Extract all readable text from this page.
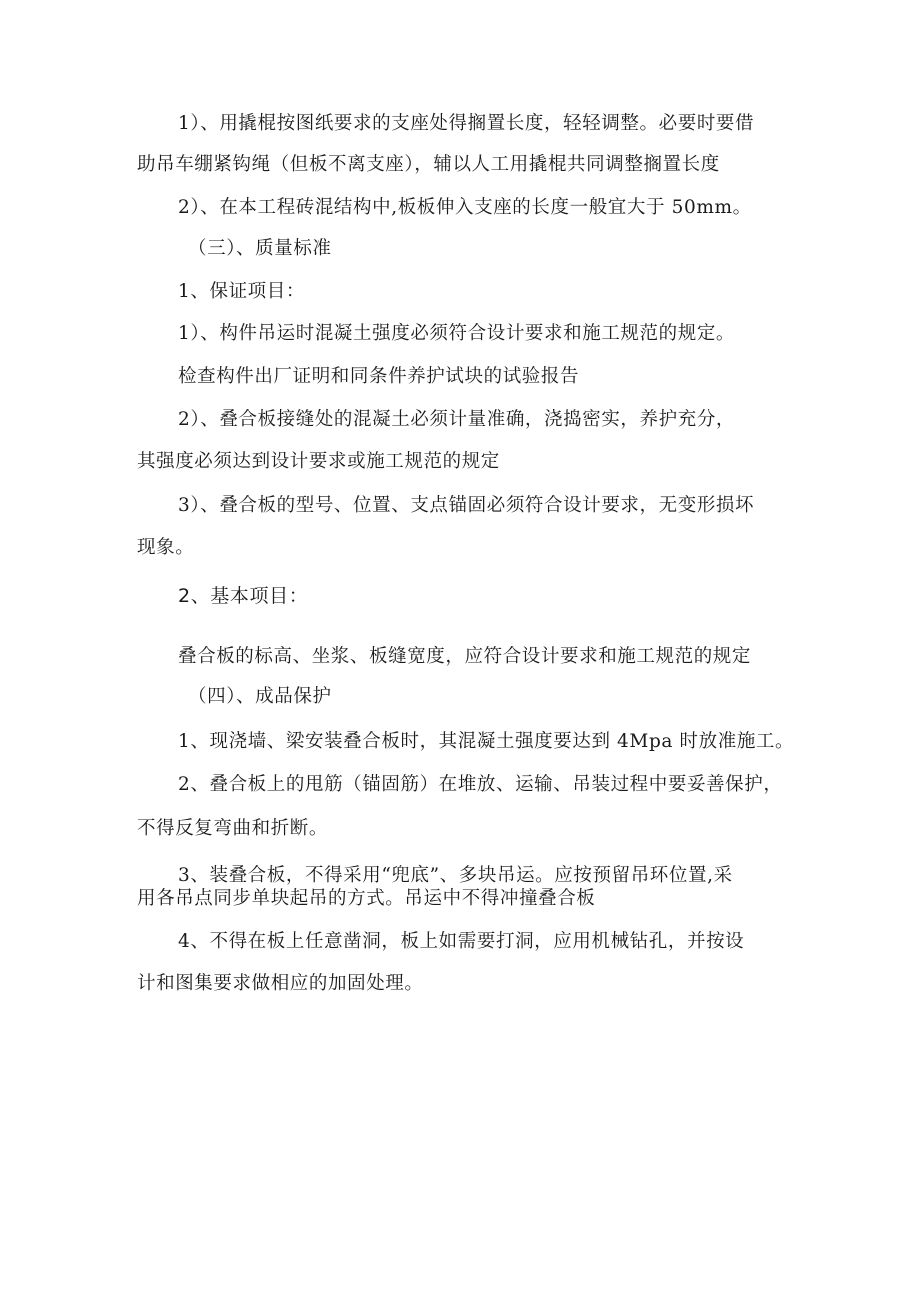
1）、用撬棍按图纸要求的支座处得搁置长度，轻轻调整。必要时要借
助吊车绷紧钩绳（但板不离支座），辅以人工用撬棍共同调整搁置长度
2）、在本工程砖混结构中,板板伸入支座的长度一般宜大于 50mm。
（三）、质量标准
1、保证项目：
1）、构件吊运时混凝土强度必须符合设计要求和施工规范的规定。
检查构件出厂证明和同条件养护试块的试验报告
2）、叠合板接缝处的混凝土必须计量准确，浇捣密实，养护充分，
其强度必须达到设计要求或施工规范的规定
3）、叠合板的型号、位置、支点锚固必须符合设计要求，无变形损坏
现象。
2、基本项目：
叠合板的标高、坐浆、板缝宽度，应符合设计要求和施工规范的规定
（四）、成品保护
1、现浇墙、梁安装叠合板时，其混凝土强度要达到 4Mpa 时放准施工。
2、叠合板上的甩筋（锚固筋）在堆放、运输、吊装过程中要妥善保护，
不得反复弯曲和折断。
3、装叠合板，不得采用“兜底”、多块吊运。应按预留吊环位置,采
用各吊点同步单块起吊的方式。吊运中不得冲撞叠合板
4、不得在板上任意凿洞，板上如需要打洞，应用机械钻孔，并按设
计和图集要求做相应的加固处理。
